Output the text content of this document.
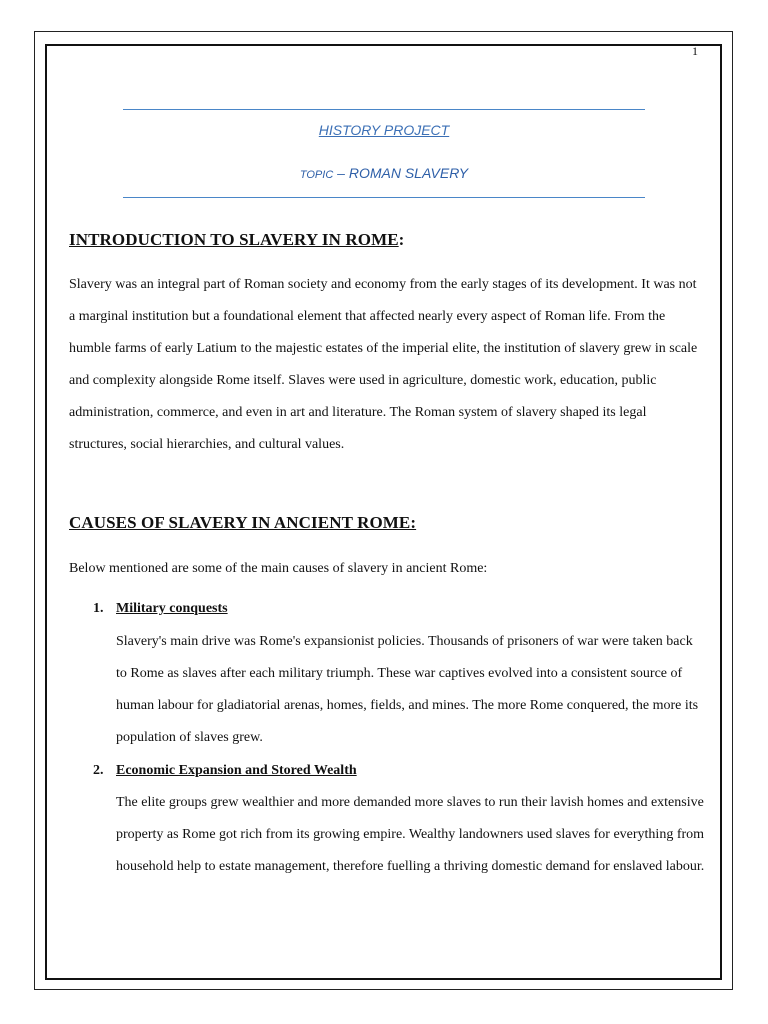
1
HISTORY PROJECT
TOPIC – ROMAN SLAVERY
INTRODUCTION TO SLAVERY IN ROME:
Slavery was an integral part of Roman society and economy from the early stages of its development. It was not a marginal institution but a foundational element that affected nearly every aspect of Roman life. From the humble farms of early Latium to the majestic estates of the imperial elite, the institution of slavery grew in scale and complexity alongside Rome itself. Slaves were used in agriculture, domestic work, education, public administration, commerce, and even in art and literature. The Roman system of slavery shaped its legal structures, social hierarchies, and cultural values.
CAUSES OF SLAVERY IN ANCIENT ROME:
Below mentioned are some of the main causes of slavery in ancient Rome:
1. Military conquests
Slavery's main drive was Rome's expansionist policies. Thousands of prisoners of war were taken back to Rome as slaves after each military triumph. These war captives evolved into a consistent source of human labour for gladiatorial arenas, homes, fields, and mines. The more Rome conquered, the more its population of slaves grew.
2. Economic Expansion and Stored Wealth
The elite groups grew wealthier and more demanded more slaves to run their lavish homes and extensive property as Rome got rich from its growing empire. Wealthy landowners used slaves for everything from household help to estate management, therefore fuelling a thriving domestic demand for enslaved labour.
